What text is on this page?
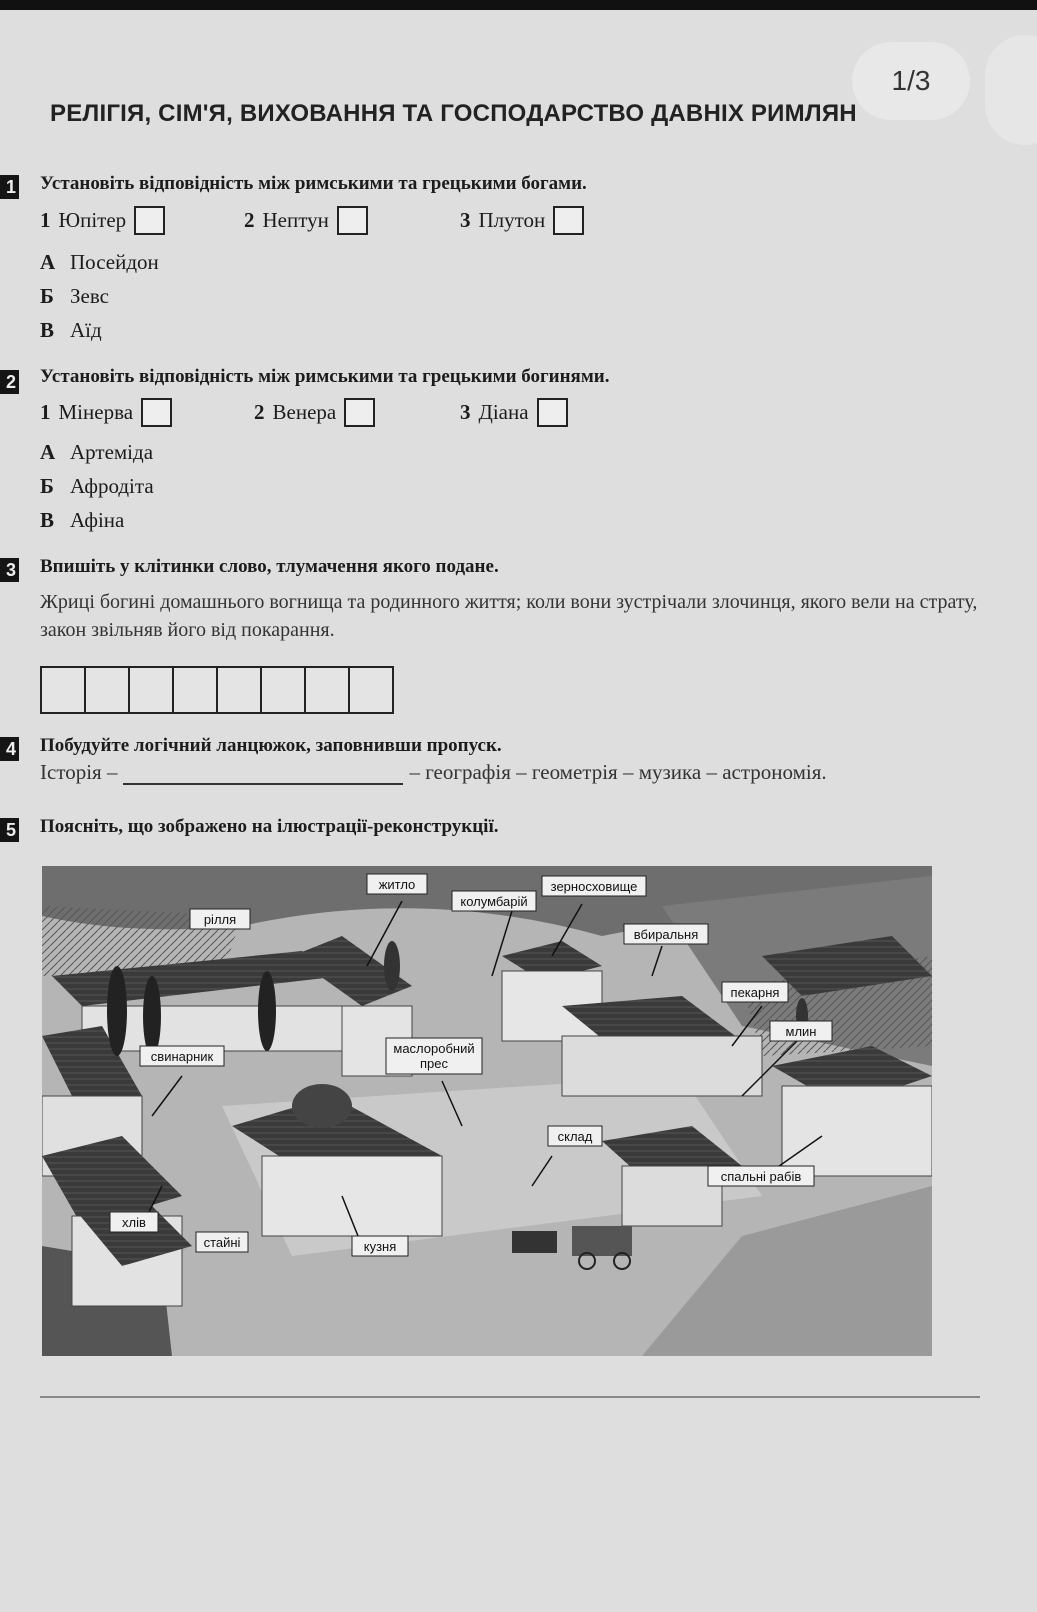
1/3
РЕЛІГІЯ, СІМ'Я, ВИХОВАННЯ ТА ГОСПОДАРСТВО ДАВНІХ РИМЛЯН
1 Установіть відповідність між римськими та грецькими богами.
1 Юпітер	2 Нептун	3 Плутон
А Посейдон
Б Зевс
В Аїд
2 Установіть відповідність між римськими та грецькими богинями.
1 Мінерва	2 Венера	3 Діана
А Артеміда
Б Афродіта
В Афіна
3 Впишіть у клітинки слово, тлумачення якого подане.
Жриці богині домашнього вогнища та родинного життя; коли вони зустрічали злочинця, якого вели на страту, закон звільняв його від покарання.
4 Побудуйте логічний ланцюжок, заповнивши пропуск.
Історія –	– географія – геометрія – музика – астрономія.
5 Поясніть, що зображено на ілюстрації-реконструкції.
рілля
житло
колумбарій
зерносховище
вбиральня
пекарня
млин
свинарник
маслоробний
прес
склад
спальні рабів
хлів
стайні	кузня
